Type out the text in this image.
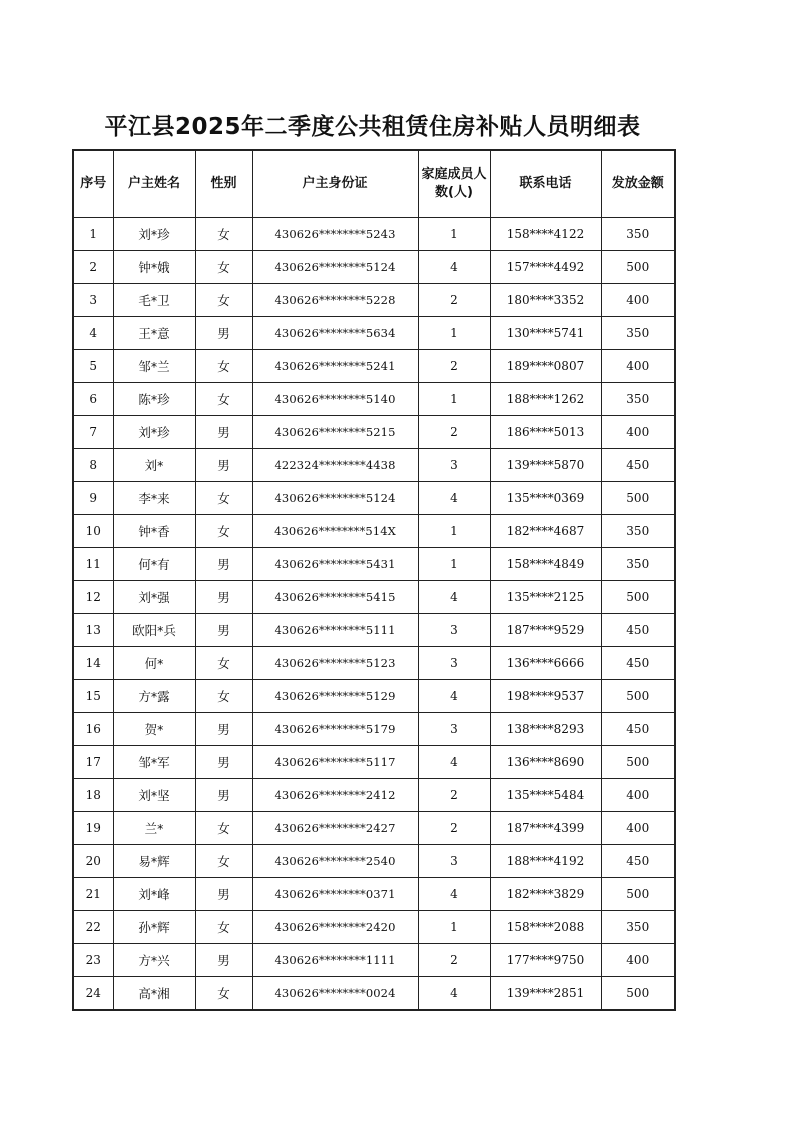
平江县2025年二季度公共租赁住房补贴人员明细表
序号	户主姓名	性别	户主身份证	家庭成员人数(人)	联系电话	发放金额
1	刘*珍	女	430626********5243	1	158****4122	350
2	钟*娥	女	430626********5124	4	157****4492	500
3	毛*卫	女	430626********5228	2	180****3352	400
4	王*意	男	430626********5634	1	130****5741	350
5	邹*兰	女	430626********5241	2	189****0807	400
6	陈*珍	女	430626********5140	1	188****1262	350
7	刘*珍	男	430626********5215	2	186****5013	400
8	刘*	男	422324********4438	3	139****5870	450
9	李*来	女	430626********5124	4	135****0369	500
10	钟*香	女	430626********514X	1	182****4687	350
11	何*有	男	430626********5431	1	158****4849	350
12	刘*强	男	430626********5415	4	135****2125	500
13	欧阳*兵	男	430626********5111	3	187****9529	450
14	何*	女	430626********5123	3	136****6666	450
15	方*露	女	430626********5129	4	198****9537	500
16	贺*	男	430626********5179	3	138****8293	450
17	邹*军	男	430626********5117	4	136****8690	500
18	刘*坚	男	430626********2412	2	135****5484	400
19	兰*	女	430626********2427	2	187****4399	400
20	易*辉	女	430626********2540	3	188****4192	450
21	刘*峰	男	430626********0371	4	182****3829	500
22	孙*辉	女	430626********2420	1	158****2088	350
23	方*兴	男	430626********1111	2	177****9750	400
24	高*湘	女	430626********0024	4	139****2851	500
